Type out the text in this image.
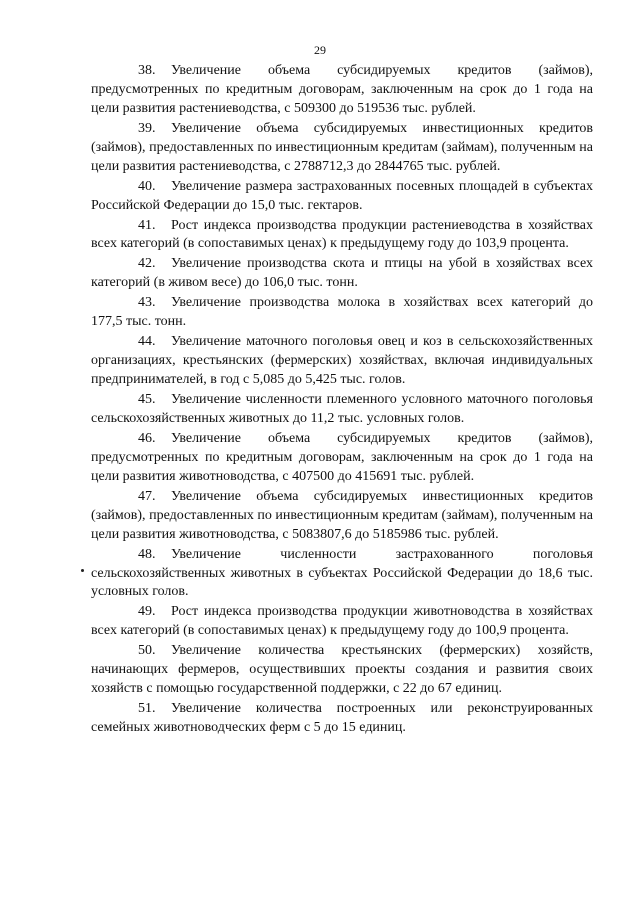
29

38. Увеличение объема субсидируемых кредитов (займов), предусмотренных по кредитным договорам, заключенным на срок до 1 года на цели развития растениеводства, с 509300 до 519536 тыс. рублей.

39. Увеличение объема субсидируемых инвестиционных кредитов (займов), предоставленных по инвестиционным кредитам (займам), полученным на цели развития растениеводства, с 2788712,3 до 2844765 тыс. рублей.

40. Увеличение размера застрахованных посевных площадей в субъектах Российской Федерации до 15,0 тыс. гектаров.

41. Рост индекса производства продукции растениеводства в хозяйствах всех категорий (в сопоставимых ценах) к предыдущему году до 103,9 процента.

42. Увеличение производства скота и птицы на убой в хозяйствах всех категорий (в живом весе) до 106,0 тыс. тонн.

43. Увеличение производства молока в хозяйствах всех категорий до 177,5 тыс. тонн.

44. Увеличение маточного поголовья овец и коз в сельскохозяйственных организациях, крестьянских (фермерских) хозяйствах, включая индивидуальных предпринимателей, в год с 5,085 до 5,425 тыс. голов.

45. Увеличение численности племенного условного маточного поголовья сельскохозяйственных животных до 11,2 тыс. условных голов.

46. Увеличение объема субсидируемых кредитов (займов), предусмотренных по кредитным договорам, заключенным на срок до 1 года на цели развития животноводства, с 407500 до 415691 тыс. рублей.

47. Увеличение объема субсидируемых инвестиционных кредитов (займов), предоставленных по инвестиционным кредитам (займам), полученным на цели развития животноводства, с 5083807,6 до 5185986 тыс. рублей.

48. Увеличение численности застрахованного поголовья сельскохозяйственных животных в субъектах Российской Федерации до 18,6 тыс. условных голов.

49. Рост индекса производства продукции животноводства в хозяйствах всех категорий (в сопоставимых ценах) к предыдущему году до 100,9 процента.

50. Увеличение количества крестьянских (фермерских) хозяйств, начинающих фермеров, осуществивших проекты создания и развития своих хозяйств с помощью государственной поддержки, с 22 до 67 единиц.

51. Увеличение количества построенных или реконструированных семейных животноводческих ферм с 5 до 15 единиц.
